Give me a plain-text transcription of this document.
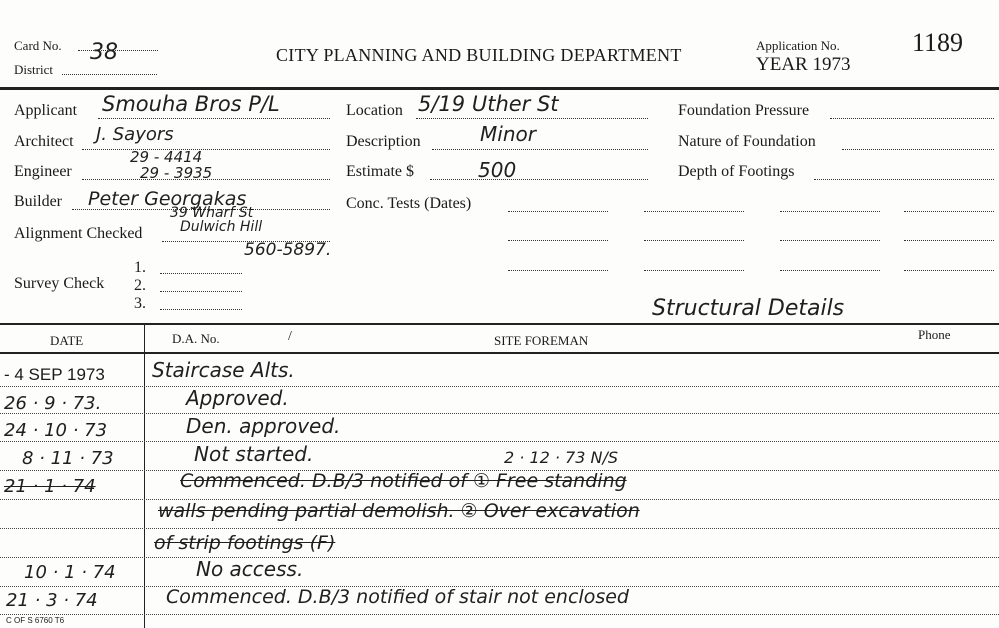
Card No. 38
District
CITY PLANNING AND BUILDING DEPARTMENT	Application No.
YEAR 1973
1189
Applicant Smouha Bros P/L
Architect J. Sayors
Engineer
29 - 4414
29 - 3935
Builder Peter Georgakas
39 Wharf St
Dulwich Hill
Alignment Checked
560-5897.
1.
Survey Check 2.
3.
Location 5/19 Uther St
Description	Minor
Estimate $	500
Conc. Tests (Dates)
Foundation Pressure
Nature of Foundation
Depth of Footings
Structural Details
DATE	D.A. No.	/	SITE FOREMAN	Phone
- 4 SEP 1973 Staircase Alts.
26 · 9 · 73.	Approved.
24 · 10 · 73	Den. approved.
8 · 11 · 73	Not started.	2 · 12 · 73 N/S
21 · 1 · 74	Commenced. D.B/3 notified of ① Free standing
walls pending partial demolish. ② Over excavation
of strip footings (F)
10 · 1 · 74	No access.
21 · 3 · 74	Commenced. D.B/3 notified of stair not enclosed
C OF S 6760 T6
